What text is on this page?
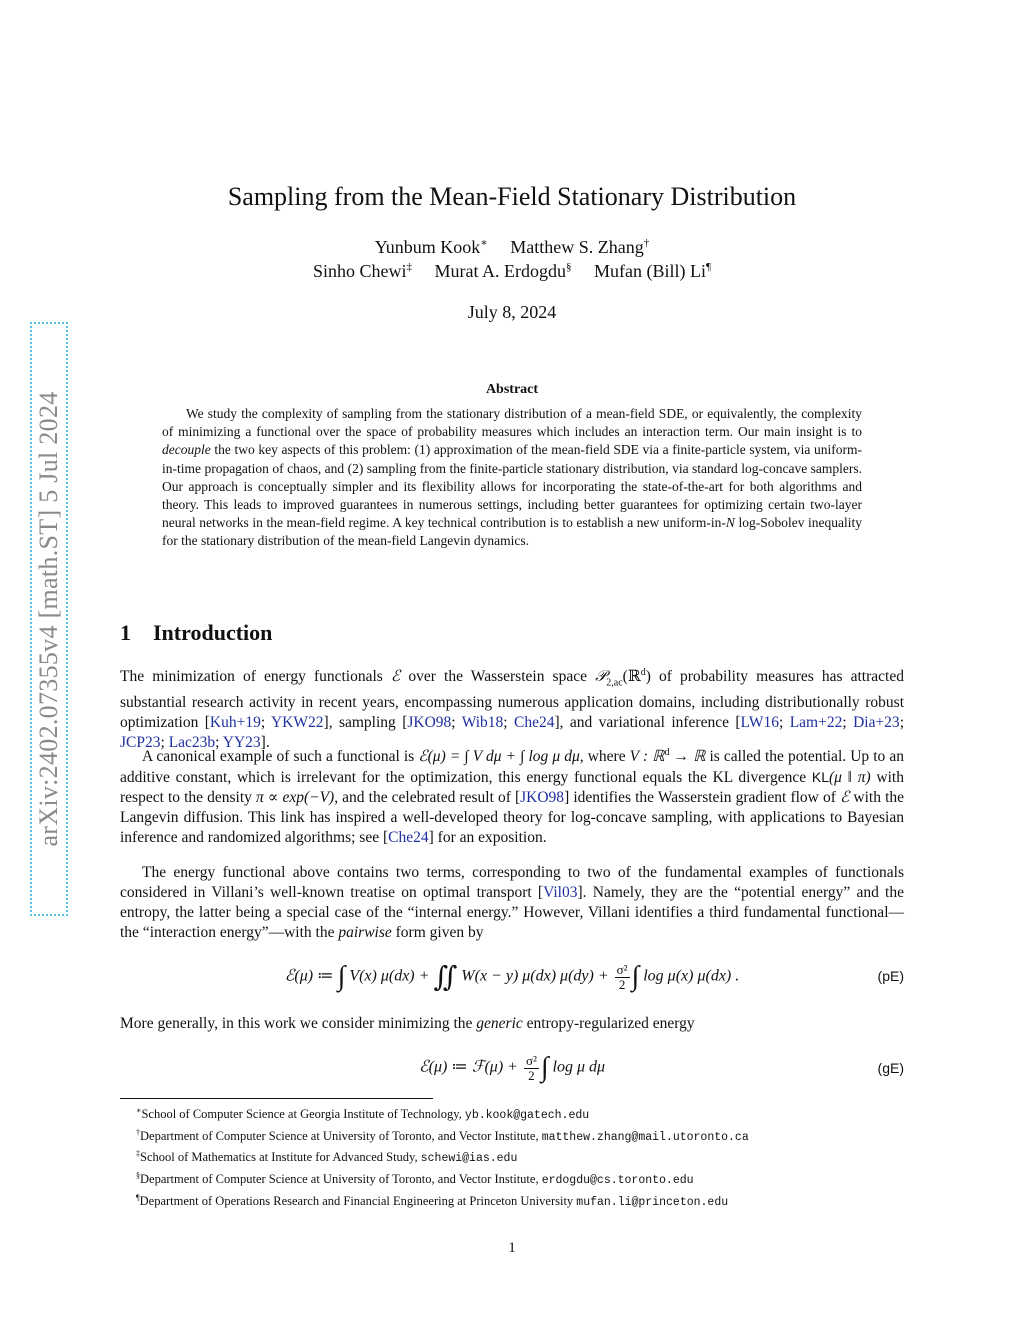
arXiv:2402.07355v4 [math.ST] 5 Jul 2024
Sampling from the Mean-Field Stationary Distribution
Yunbum Kook∗ Matthew S. Zhang†
Sinho Chewi‡ Murat A. Erdogdu§ Mufan (Bill) Li¶
July 8, 2024
Abstract

We study the complexity of sampling from the stationary distribution of a mean-field SDE, or equivalently, the complexity of minimizing a functional over the space of probability measures which includes an interaction term. Our main insight is to decouple the two key aspects of this problem: (1) approximation of the mean-field SDE via a finite-particle system, via uniform-in-time propagation of chaos, and (2) sampling from the finite-particle stationary distribution, via standard log-concave samplers. Our approach is conceptually simpler and its flexibility allows for incorporating the state-of-the-art for both algorithms and theory. This leads to improved guarantees in numerous settings, including better guarantees for optimizing certain two-layer neural networks in the mean-field regime. A key technical contribution is to establish a new uniform-in-N log-Sobolev inequality for the stationary distribution of the mean-field Langevin dynamics.

1 Introduction

The minimization of energy functionals ℰ over the Wasserstein space 𝒫$_{2,ac}$(ℝ$^d$) of probability measures has attracted substantial research activity in recent years, encompassing numerous application domains, including distributionally robust optimization [Kuh+19; YKW22], sampling [JKO98; Wib18; Che24], and variational inference [LW16; Lam+22; Dia+23; JCP23; Lac23b; YY23].

A canonical example of such a functional is ℰ(μ) = ∫ V dμ + ∫ log μ dμ, where V : ℝ$^d$ → ℝ is called the potential. Up to an additive constant, which is irrelevant for the optimization, this energy functional equals the KL divergence KL(μ ‖ π) with respect to the density π ∝ exp(−V), and the celebrated result of [JKO98] identifies the Wasserstein gradient flow of ℰ with the Langevin diffusion. This link has inspired a well-developed theory for log-concave sampling, with applications to Bayesian inference and randomized algorithms; see [Che24] for an exposition.

The energy functional above contains two terms, corresponding to two of the fundamental examples of functionals considered in Villani’s well-known treatise on optimal transport [Vil03]. Namely, they are the “potential energy” and the entropy, the latter being a special case of the “internal energy.” However, Villani identifies a third fundamental functional—the “interaction energy”—with the pairwise form given by

ℰ(μ) ≔ ∫ V(x) μ(dx) + ∬ W(x − y) μ(dx) $\mu(dy) + \frac{\text{σ²}}{2}$ ∫ log μ(x) μ(dx) .	(pE)

More generally, in this work we consider minimizing the generic entropy-regularized energy

ℰ(μ) ≔ ℱ(μ) + $\frac{\text{σ²}}{2}$ ∫ log μ dμ	(gE)
∗School of Computer Science at Georgia Institute of Technology, yb.kook@gatech.edu
†Department of Computer Science at University of Toronto, and Vector Institute, matthew.zhang@mail.utoronto.ca
‡School of Mathematics at Institute for Advanced Study, schewi@ias.edu
§Department of Computer Science at University of Toronto, and Vector Institute, erdogdu@cs.toronto.edu
¶Department of Operations Research and Financial Engineering at Princeton University mufan.li@princeton.edu
1
